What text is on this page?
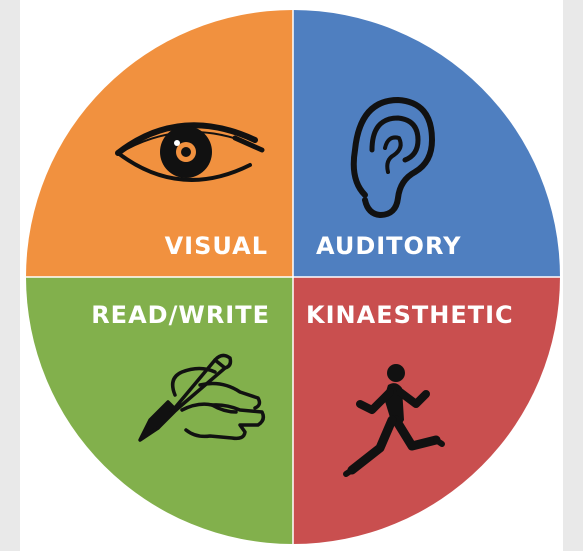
VISUAL AUDITORY
READ/WRITE KINAESTHETIC
